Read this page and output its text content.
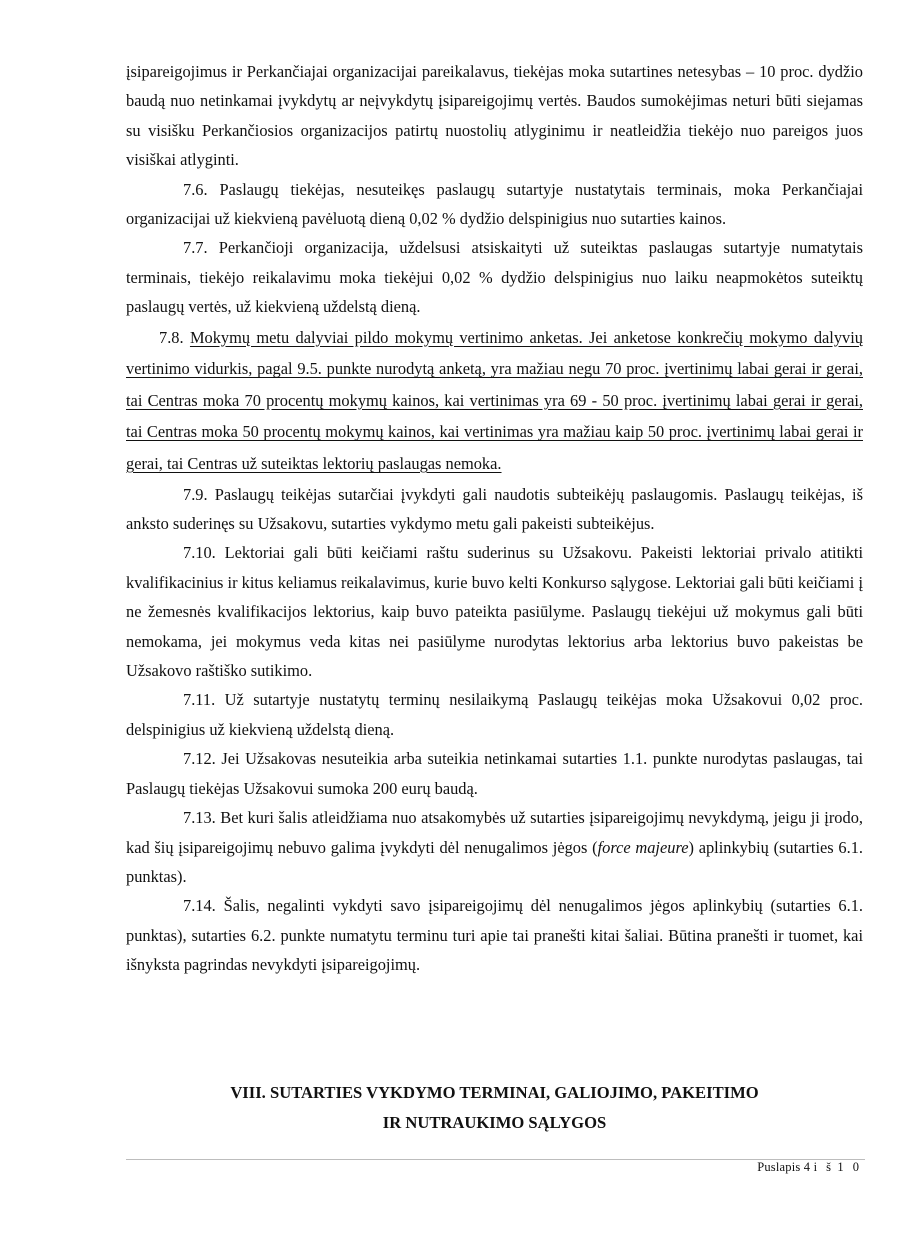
įsipareigojimus ir Perkančiajai organizacijai pareikalavus, tiekėjas moka sutartines netesybas – 10 proc. dydžio baudą nuo netinkamai įvykdytų ar neįvykdytų įsipareigojimų vertės. Baudos sumokėjimas neturi būti siejamas su visišku Perkančiosios organizacijos patirtų nuostolių atlyginimu ir neatleidžia tiekėjo nuo pareigos juos visiškai atlyginti.

7.6. Paslaugų tiekėjas, nesuteikęs paslaugų sutartyje nustatytais terminais, moka Perkančiajai organizacijai už kiekvieną pavėluotą dieną 0,02 % dydžio delspinigius nuo sutarties kainos.

7.7. Perkančioji organizacija, uždelsusi atsiskaityti už suteiktas paslaugas sutartyje numatytais terminais, tiekėjo reikalavimu moka tiekėjui 0,02 % dydžio delspinigius nuo laiku neapmokėtos suteiktų paslaugų vertės, už kiekvieną uždelstą dieną.

7.8. Mokymų metu dalyviai pildo mokymų vertinimo anketas. Jei anketose konkrečių mokymo dalyvių vertinimo vidurkis, pagal 9.5. punkte nurodytą anketą, yra mažiau negu 70 proc. įvertinimų labai gerai ir gerai, tai Centras moka 70 procentų mokymų kainos, kai vertinimas yra 69 - 50 proc. įvertinimų labai gerai ir gerai, tai Centras moka 50 procentų mokymų kainos, kai vertinimas yra mažiau kaip 50 proc. įvertinimų labai gerai ir gerai, tai Centras už suteiktas lektorių paslaugas nemoka.

7.9. Paslaugų teikėjas sutarčiai įvykdyti gali naudotis subteikėjų paslaugomis. Paslaugų teikėjas, iš anksto suderinęs su Užsakovu, sutarties vykdymo metu gali pakeisti subteikėjus.

7.10. Lektoriai gali būti keičiami raštu suderinus su Užsakovu. Pakeisti lektoriai privalo atitikti kvalifikacinius ir kitus keliamus reikalavimus, kurie buvo kelti Konkurso sąlygose. Lektoriai gali būti keičiami į ne žemesnės kvalifikacijos lektorius, kaip buvo pateikta pasiūlyme. Paslaugų tiekėjui už mokymus gali būti nemokama, jei mokymus veda kitas nei pasiūlyme nurodytas lektorius arba lektorius buvo pakeistas be Užsakovo raštiško sutikimo.

7.11. Už sutartyje nustatytų terminų nesilaikymą Paslaugų teikėjas moka Užsakovui 0,02 proc. delspinigius už kiekvieną uždelstą dieną.

7.12. Jei Užsakovas nesuteikia arba suteikia netinkamai sutarties 1.1. punkte nurodytas paslaugas, tai Paslaugų tiekėjas Užsakovui sumoka 200 eurų baudą.

7.13. Bet kuri šalis atleidžiama nuo atsakomybės už sutarties įsipareigojimų nevykdymą, jeigu ji įrodo, kad šių įsipareigojimų nebuvo galima įvykdyti dėl nenugalimos jėgos (force majeure) aplinkybių (sutarties 6.1. punktas).

7.14. Šalis, negalinti vykdyti savo įsipareigojimų dėl nenugalimos jėgos aplinkybių (sutarties 6.1. punktas), sutarties 6.2. punkte numatytu terminu turi apie tai pranešti kitai šaliai. Būtina pranešti ir tuomet, kai išnyksta pagrindas nevykdyti įsipareigojimų.

VIII. SUTARTIES VYKDYMO TERMINAI, GALIOJIMO, PAKEITIMO
IR NUTRAUKIMO SĄLYGOS
Puslapis 4 i š 1 0
